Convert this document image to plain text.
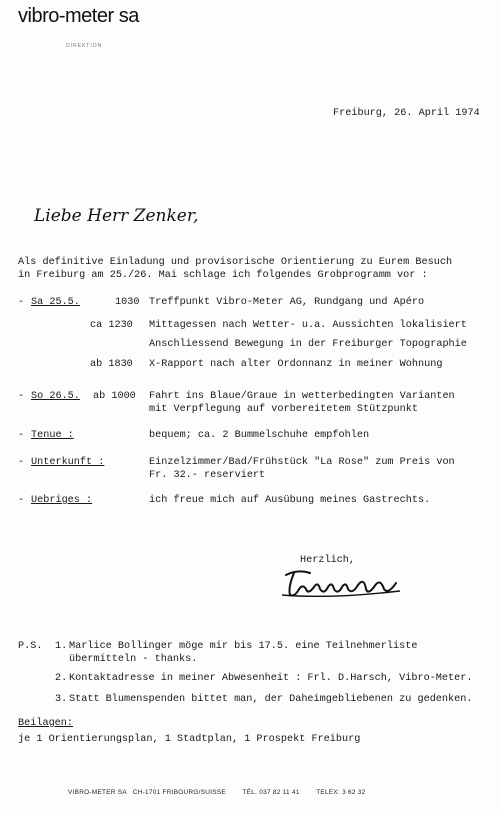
vibro-meter sa
DIREKTION
Freiburg, 26. April 1974
Liebe Herr Zenker,
Als definitive Einladung und provisorische Orientierung zu Eurem Besuch
in Freiburg am 25./26. Mai schlage ich folgendes Grobprogramm vor :
- Sa 25.5.	1030 Treffpunkt Vibro-Meter AG, Rundgang und Apéro
ca 1230 Mittagessen nach Wetter- u.a. Aussichten lokalisiert
Anschliessend Bewegung in der Freiburger Topographie
ab 1830 X-Rapport nach alter Ordonnanz in meiner Wohnung
- So 26.5. ab 1000 Fahrt ins Blaue/Graue in wetterbedingten Varianten
mit Verpflegung auf vorbereitetem Stützpunkt
- Tenue :	bequem; ca. 2 Bummelschuhe empfohlen
- Unterkunft :	Einzelzimmer/Bad/Frühstück "La Rose" zum Preis von
Fr. 32.- reserviert
- Uebriges :	ich freue mich auf Ausübung meines Gastrechts.
Herzlich,
P.S. 1. Marlice Bollinger möge mir bis 17.5. eine Teilnehmerliste
übermitteln - thanks.
2. Kontaktadresse in meiner Abwesenheit : Frl. D.Harsch, Vibro-Meter.
3. Statt Blumenspenden bittet man, der Daheimgebliebenen zu gedenken.
Beilagen:
je 1 Orientierungsplan, 1 Stadtplan, 1 Prospekt Freiburg
VIBRO-METER SA CH-1701 FRIBOURG/SUISSE	TÉL. 037 82 11 41	TELEX: 3 62 32
